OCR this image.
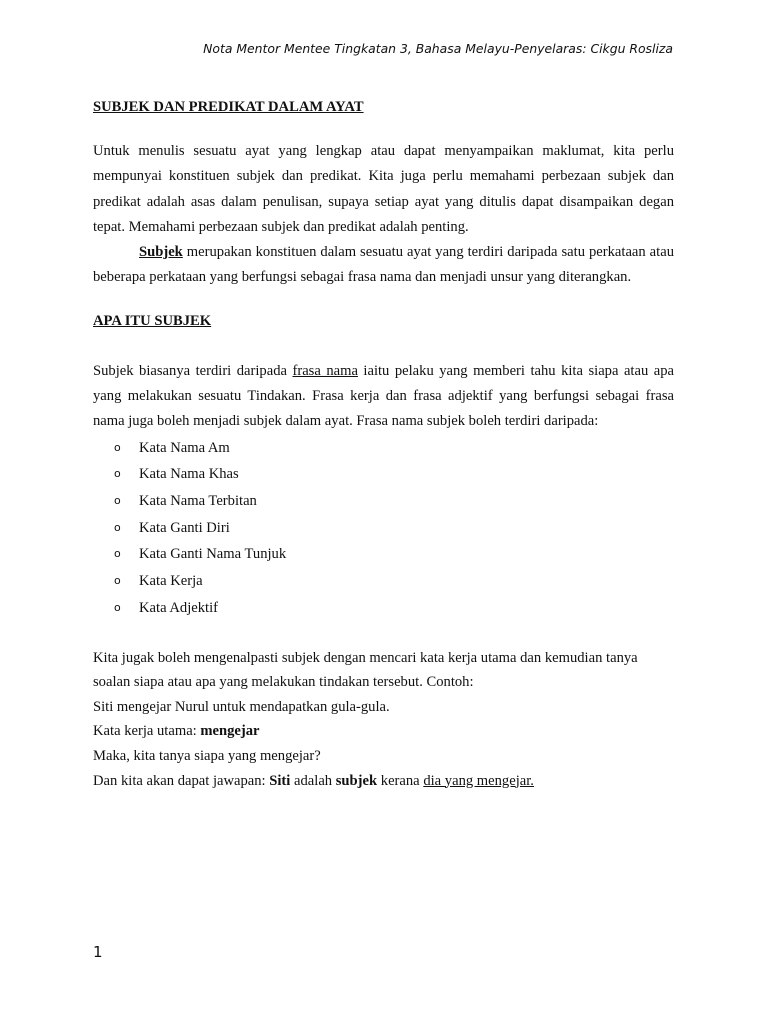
Nota Mentor Mentee Tingkatan 3, Bahasa Melayu-Penyelaras: Cikgu Rosliza
SUBJEK DAN PREDIKAT DALAM AYAT

Untuk menulis sesuatu ayat yang lengkap atau dapat menyampaikan maklumat, kita perlu mempunyai konstituen subjek dan predikat. Kita juga perlu memahami perbezaan subjek dan predikat adalah asas dalam penulisan, supaya setiap ayat yang ditulis dapat disampaikan degan tepat. Memahami perbezaan subjek dan predikat adalah penting.

Subjek merupakan konstituen dalam sesuatu ayat yang terdiri daripada satu perkataan atau beberapa perkataan yang berfungsi sebagai frasa nama dan menjadi unsur yang diterangkan.

APA ITU SUBJEK

Subjek biasanya terdiri daripada frasa nama iaitu pelaku yang memberi tahu kita siapa atau apa yang melakukan sesuatu Tindakan. Frasa kerja dan frasa adjektif yang berfungsi sebagai frasa nama juga boleh menjadi subjek dalam ayat. Frasa nama subjek boleh terdiri daripada:

o Kata Nama Am
o Kata Nama Khas
o Kata Nama Terbitan
o Kata Ganti Diri
o Kata Ganti Nama Tunjuk
o Kata Kerja
o Kata Adjektif

Kita jugak boleh mengenalpasti subjek dengan mencari kata kerja utama dan kemudian tanya soalan siapa atau apa yang melakukan tindakan tersebut. Contoh:

Siti mengejar Nurul untuk mendapatkan gula-gula.

Kata kerja utama: mengejar

Maka, kita tanya siapa yang mengejar?

Dan kita akan dapat jawapan: Siti adalah subjek kerana dia yang mengejar.

1
